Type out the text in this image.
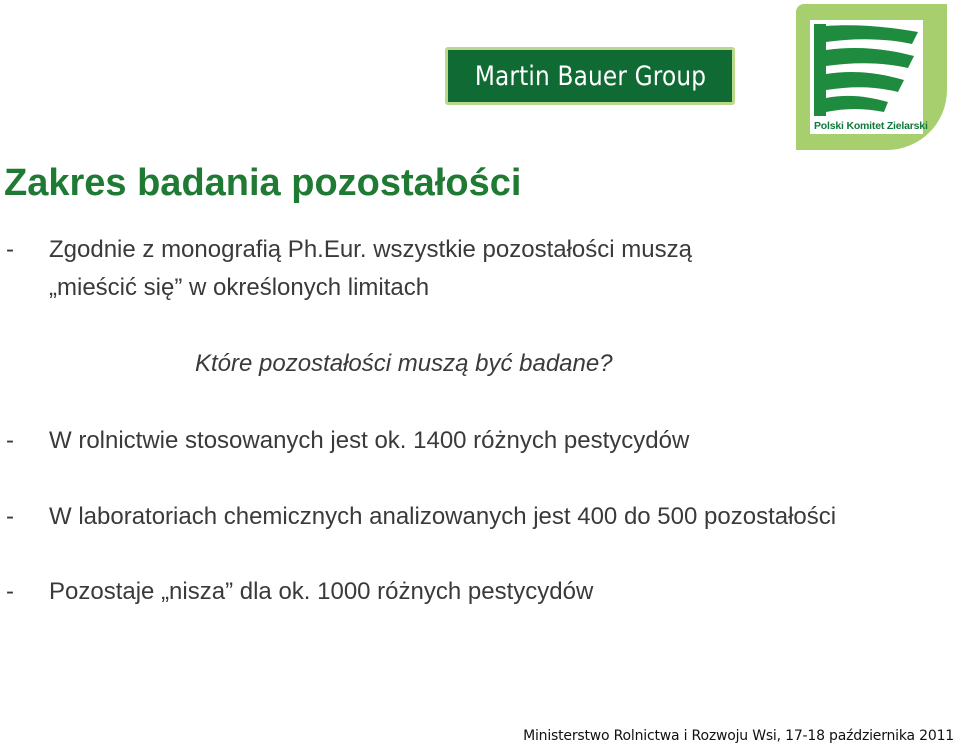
Martin Bauer Group
Polski Komitet Zielarski
Zakres badania pozostałości
- Zgodnie z monografią Ph.Eur. wszystkie pozostałości muszą
„mieścić się” w określonych limitach
Które pozostałości muszą być badane?
- W rolnictwie stosowanych jest ok. 1400 różnych pestycydów
- W laboratoriach chemicznych analizowanych jest 400 do 500 pozostałości
- Pozostaje „nisza” dla ok. 1000 różnych pestycydów
Ministerstwo Rolnictwa i Rozwoju Wsi, 17-18 października 2011
